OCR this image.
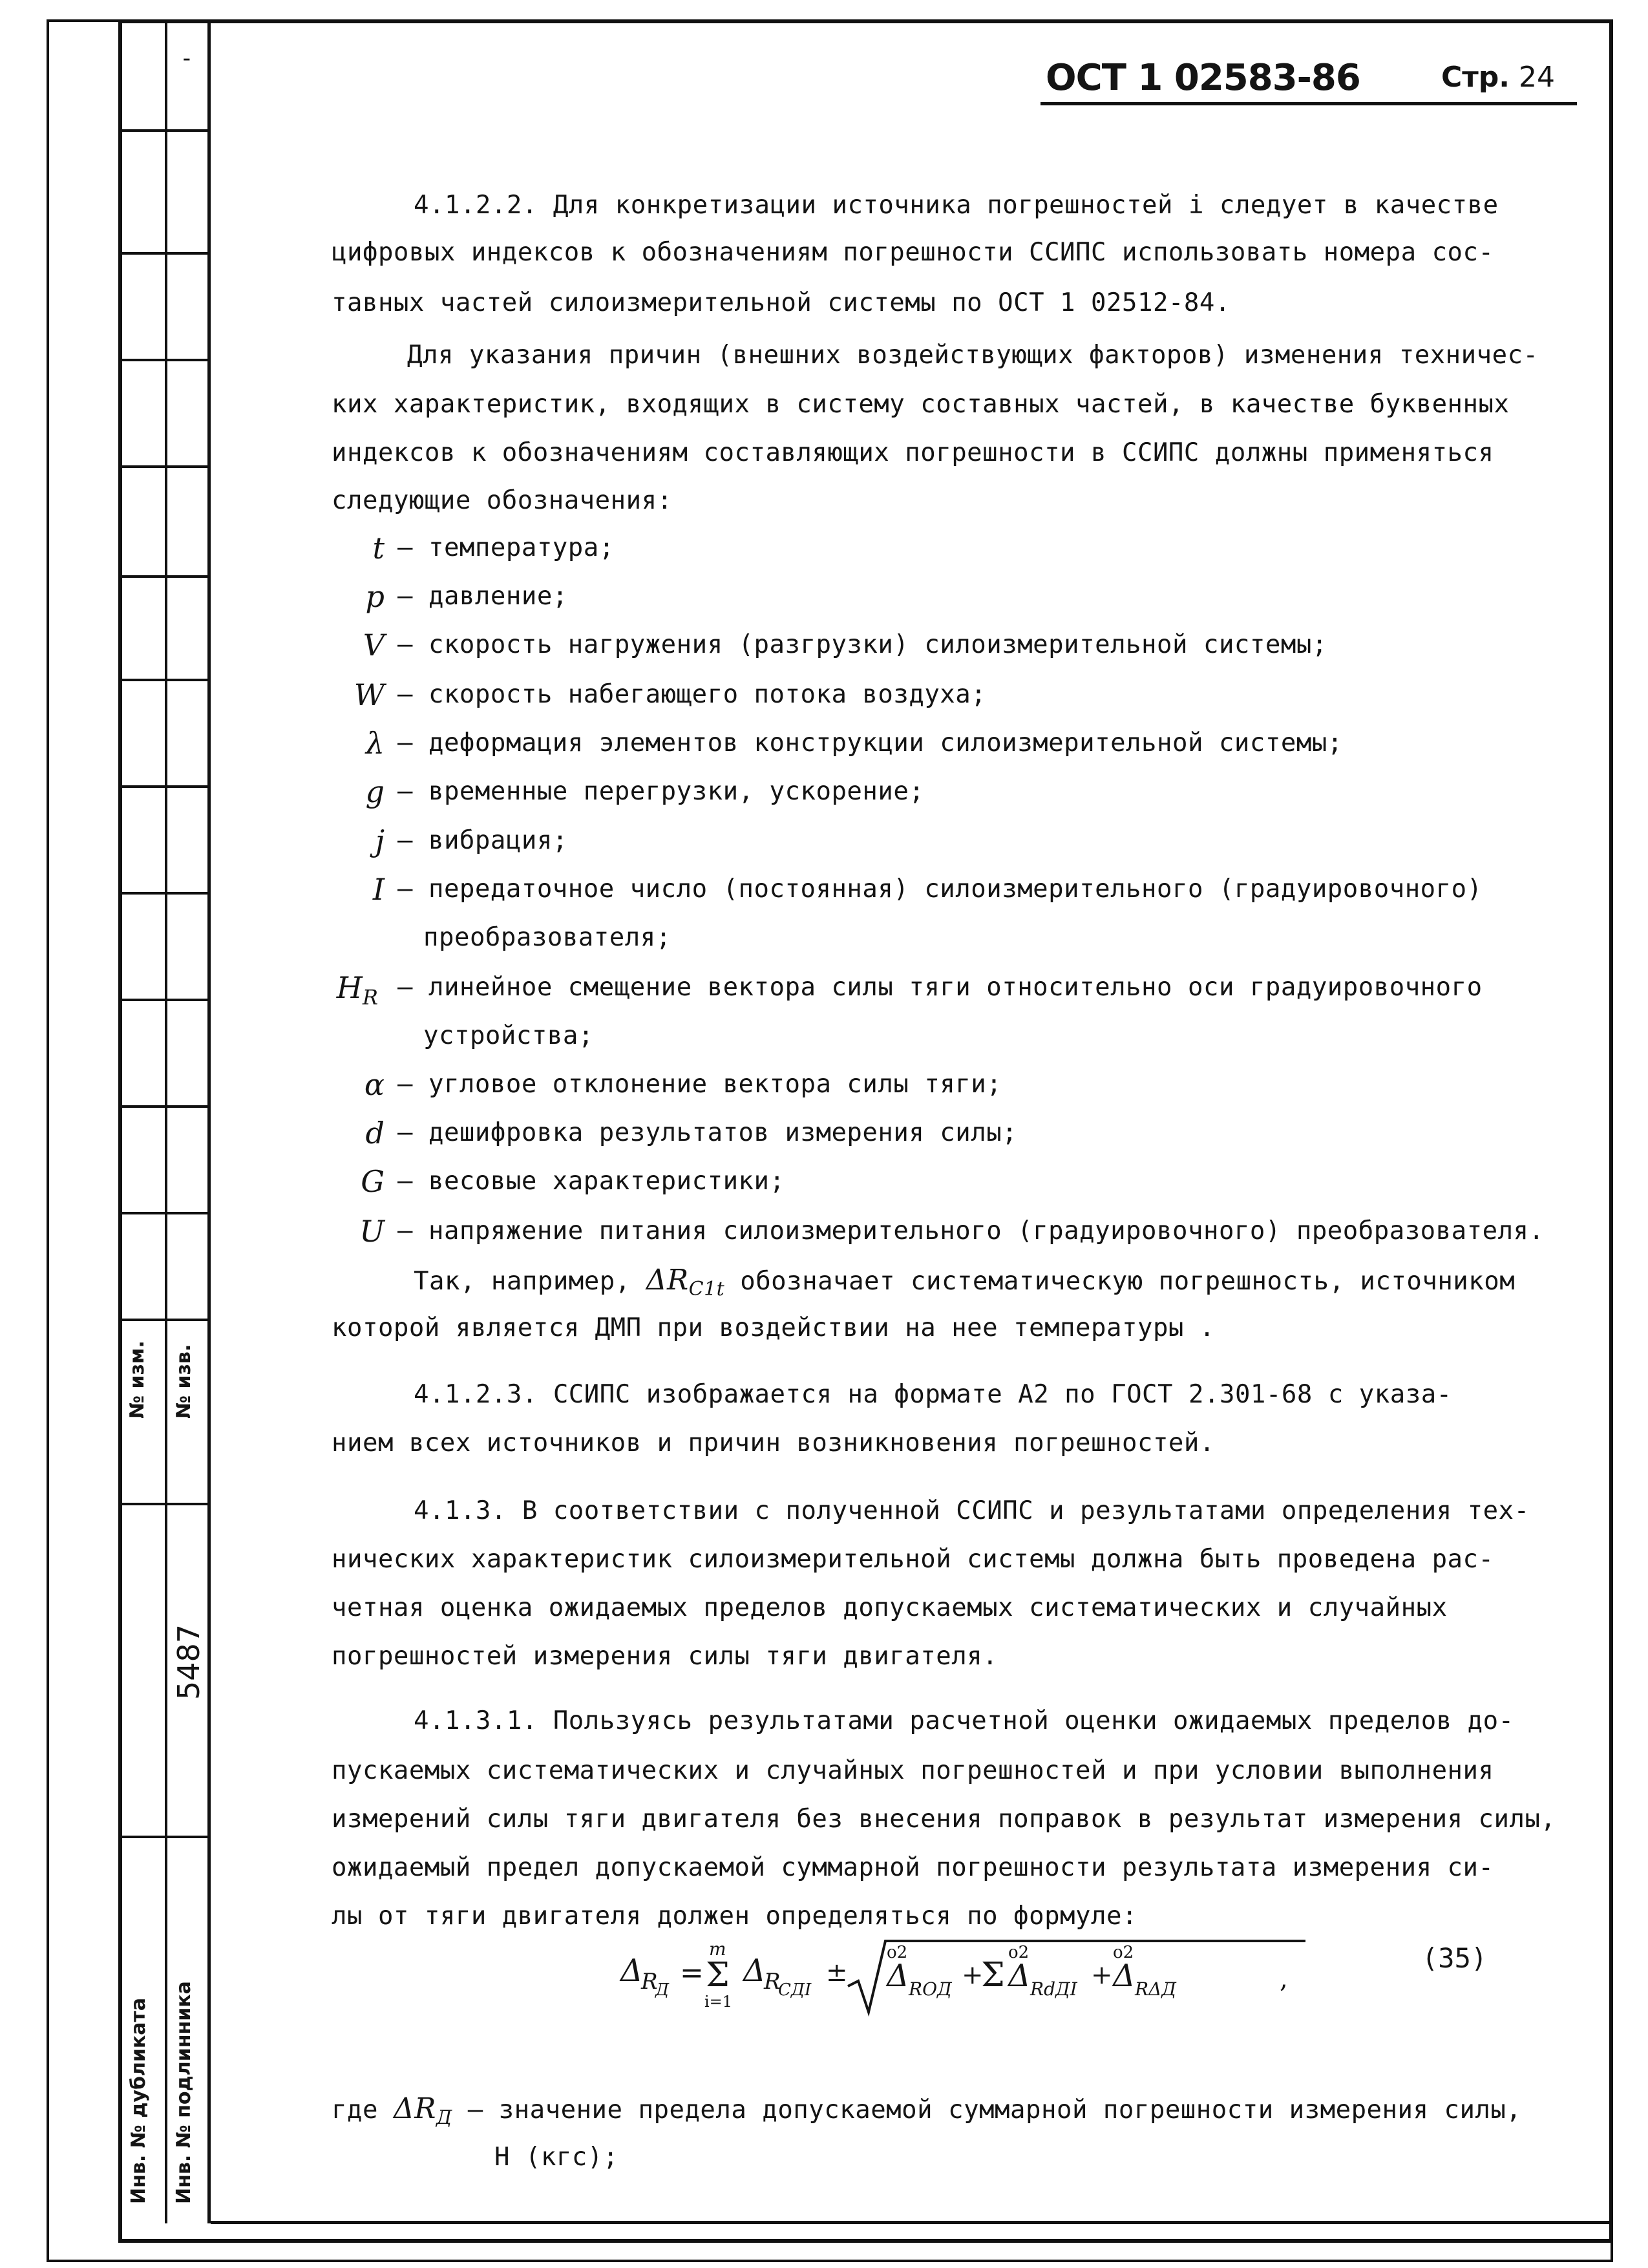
-
№ изм. № изв.
5487
Инв. № дубликата Инв. № подлинника
ОСТ 1 02583-86	Стр. 24
4.1.2.2. Для конкретизации источника погрешностей i следует в качестве
цифровых индексов к обозначениям погрешности ССИПС использовать номера сос-
тавных частей силоизмерительной системы по ОСТ 1 02512-84.
Для указания причин (внешних воздействующих факторов) изменения техничес-
ких характеристик, входящих в систему составных частей, в качестве буквенных
индексов к обозначениям составляющих погрешности в ССИПС должны применяться
следующие обозначения:
t – температура;
p – давление;
V – скорость нагружения (разгрузки) силоизмерительной системы;
W – скорость набегающего потока воздуха;
λ – деформация элементов конструкции силоизмерительной системы;
g – временные перегрузки, ускорение;
j – вибрация;
I – передаточное число (постоянная) силоизмерительного (градуировочного)
преобразователя;
$H_R$ – линейное смещение вектора силы тяги относительно оси градуировочного
устройства;
α – угловое отклонение вектора силы тяги;
d – дешифровка результатов измерения силы;
G – весовые характеристики;
U – напряжение питания силоизмерительного (градуировочного) преобразователя.
Так, например, $\Delta R_{C1t}$ обозначает систематическую погрешность, источником
которой является ДМП при воздействии на нее температуры .
4.1.2.3. ССИПС изображается на формате А2 по ГОСТ 2.301-68 с указа-
нием всех источников и причин возникновения погрешностей.
4.1.3. В соответствии с полученной ССИПС и результатами определения тех-
нических характеристик силоизмерительной системы должна быть проведена рас-
четная оценка ожидаемых пределов допускаемых систематических и случайных
погрешностей измерения силы тяги двигателя.
4.1.3.1. Пользуясь результатами расчетной оценки ожидаемых пределов до-
пускаемых систематических и случайных погрешностей и при условии выполнения
измерений силы тяги двигателя без внесения поправок в результат измерения силы,
ожидаемый предел допускаемой суммарной погрешности результата измерения си-
лы от тяги двигателя должен определяться по формуле:
Δ
R
Д
=
m
Σ
i=1
Δ
R
СДI
±
o2
Δ RОД +
Σ
o2
Δ RdДI +
o2
Δ RΔД	,
(35)
где $\Delta R_Д$ – значение предела допускаемой суммарной погрешности измерения силы,
Н (кгс);
